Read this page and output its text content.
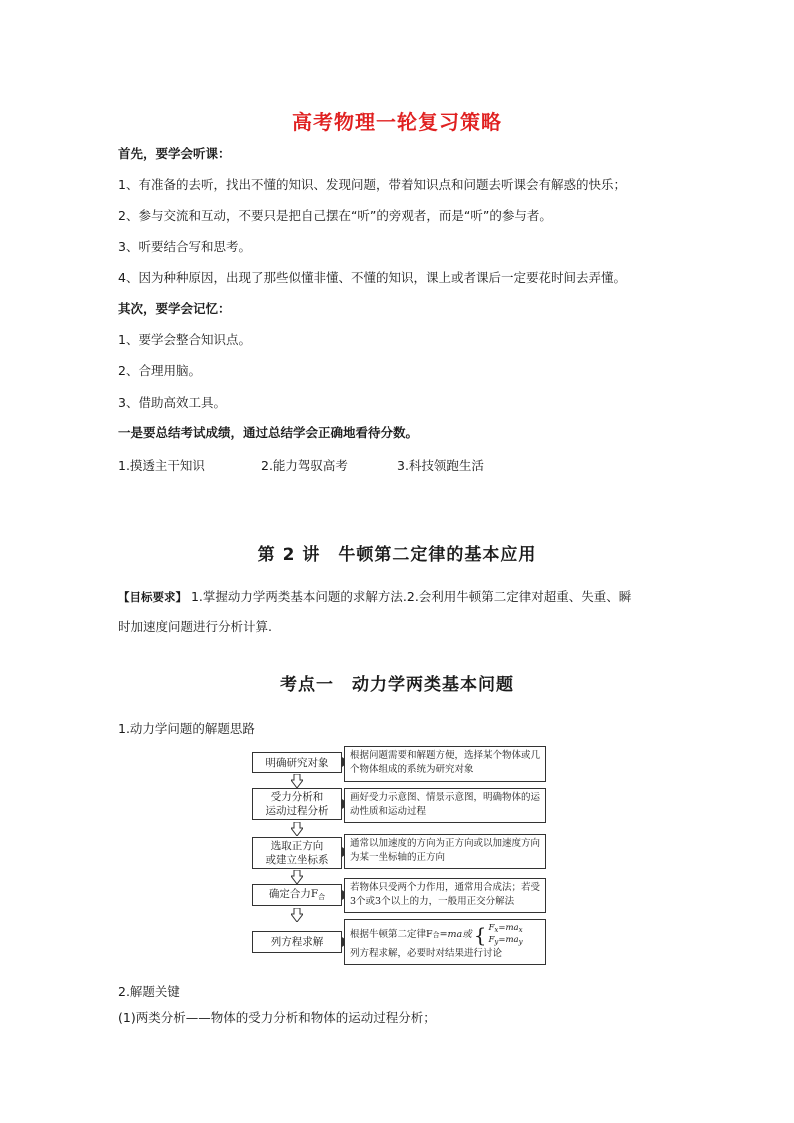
高考物理一轮复习策略
首先，要学会听课：
1、有准备的去听，找出不懂的知识、发现问题，带着知识点和问题去听课会有解惑的快乐；
2、参与交流和互动，不要只是把自己摆在“听”的旁观者，而是“听”的参与者。
3、听要结合写和思考。
4、因为种种原因，出现了那些似懂非懂、不懂的知识，课上或者课后一定要花时间去弄懂。
其次，要学会记忆：
1、要学会整合知识点。
2、合理用脑。
3、借助高效工具。
一是要总结考试成绩，通过总结学会正确地看待分数。
1.摸透主干知识	2.能力驾驭高考	3.科技领跑生活
第 2 讲　牛顿第二定律的基本应用
【目标要求】 1.掌握动力学两类基本问题的求解方法.2.会利用牛顿第二定律对超重、失重、瞬
时加速度问题进行分析计算.
考点一　动力学两类基本问题
1.动力学问题的解题思路
明确研究对象
根据问题需要和解题方便，选择某个物体或几个物体组成的系统为研究对象
受力分析和
运动过程分析
画好受力示意图、情景示意图，明确物体的运动性质和运动过程
选取正方向
或建立坐标系
通常以加速度的方向为正方向或以加速度方向为某一坐标轴的正方向
确定合力$F_合$
若物体只受两个力作用，通常用合成法；若受3个或3个以上的力，一般用正交分解法
列方程求解
根据牛顿第二定律F 合 =ma或 { $F_x=ma_x$
$F_y=ma_y$
列方程求解，必要时对结果进行讨论
2.解题关键
(1)两类分析——物体的受力分析和物体的运动过程分析；
